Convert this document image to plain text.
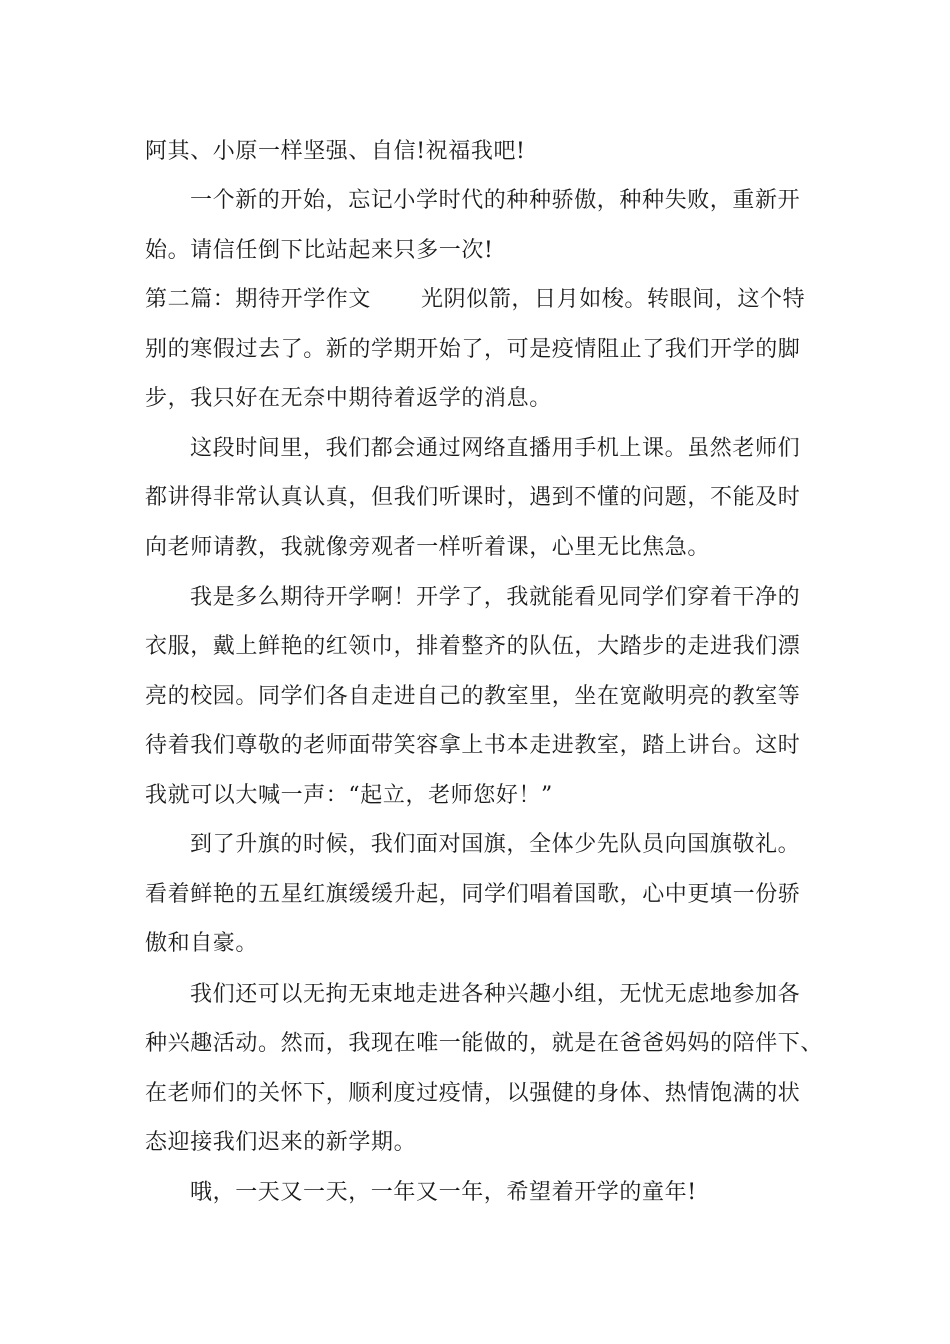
阿其、小原一样坚强、自信!祝福我吧!

一个新的开始，忘记小学时代的种种骄傲，种种失败，重新开

始。请信任倒下比站起来只多一次!

第二篇：期待开学作文 光阴似箭，日月如梭。转眼间，这个特

别的寒假过去了。新的学期开始了，可是疫情阻止了我们开学的脚

步，我只好在无奈中期待着返学的消息。

这段时间里，我们都会通过网络直播用手机上课。虽然老师们

都讲得非常认真认真，但我们听课时，遇到不懂的问题，不能及时

向老师请教，我就像旁观者一样听着课，心里无比焦急。

我是多么期待开学啊！开学了，我就能看见同学们穿着干净的

衣服，戴上鲜艳的红领巾，排着整齐的队伍，大踏步的走进我们漂

亮的校园。同学们各自走进自己的教室里，坐在宽敞明亮的教室等

待着我们尊敬的老师面带笑容拿上书本走进教室，踏上讲台。这时

我就可以大喊一声：“起立，老师您好！”

到了升旗的时候，我们面对国旗，全体少先队员向国旗敬礼。

看着鲜艳的五星红旗缓缓升起，同学们唱着国歌，心中更填一份骄

傲和自豪。

我们还可以无拘无束地走进各种兴趣小组，无忧无虑地参加各

种兴趣活动。然而，我现在唯一能做的，就是在爸爸妈妈的陪伴下、

在老师们的关怀下，顺利度过疫情，以强健的身体、热情饱满的状

态迎接我们迟来的新学期。

哦，一天又一天，一年又一年，希望着开学的童年!
